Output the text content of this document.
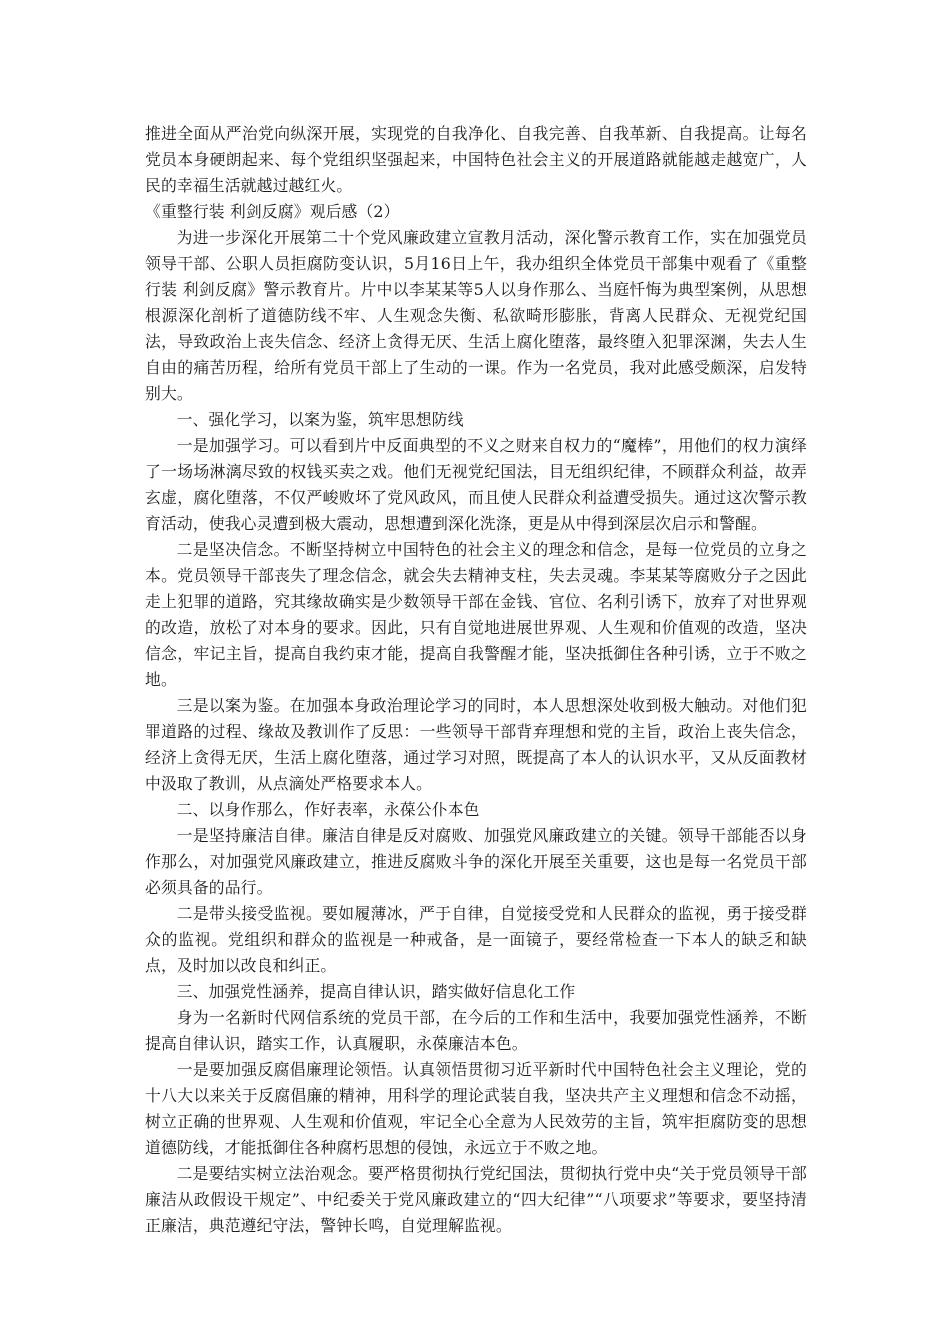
推进全面从严治党向纵深开展，实现党的自我净化、自我完善、自我革新、自我提高。让每名党员本身硬朗起来、每个党组织坚强起来，中国特色社会主义的开展道路就能越走越宽广，人民的幸福生活就越过越红火。

《重整行装 利剑反腐》观后感（2）

为进一步深化开展第二十个党风廉政建立宣教月活动，深化警示教育工作，实在加强党员领导干部、公职人员拒腐防变认识，5月16日上午，我办组织全体党员干部集中观看了《重整行装 利剑反腐》警示教育片。片中以李某某等5人以身作那么、当庭忏悔为典型案例，从思想根源深化剖析了道德防线不牢、人生观念失衡、私欲畸形膨胀，背离人民群众、无视党纪国法，导致政治上丧失信念、经济上贪得无厌、生活上腐化堕落，最终堕入犯罪深渊，失去人生自由的痛苦历程，给所有党员干部上了生动的一课。作为一名党员，我对此感受颇深，启发特别大。

一、强化学习，以案为鉴，筑牢思想防线

一是加强学习。可以看到片中反面典型的不义之财来自权力的“魔棒”，用他们的权力演绎了一场场淋漓尽致的权钱买卖之戏。他们无视党纪国法，目无组织纪律，不顾群众利益，故弄玄虚，腐化堕落，不仅严峻败坏了党风政风，而且使人民群众利益遭受损失。通过这次警示教育活动，使我心灵遭到极大震动，思想遭到深化洗涤，更是从中得到深层次启示和警醒。

二是坚决信念。不断坚持树立中国特色的社会主义的理念和信念，是每一位党员的立身之本。党员领导干部丧失了理念信念，就会失去精神支柱，失去灵魂。李某某等腐败分子之因此走上犯罪的道路，究其缘故确实是少数领导干部在金钱、官位、名利引诱下，放弃了对世界观的改造，放松了对本身的要求。因此，只有自觉地进展世界观、人生观和价值观的改造，坚决信念，牢记主旨，提高自我约束才能，提高自我警醒才能，坚决抵御住各种引诱，立于不败之地。

三是以案为鉴。在加强本身政治理论学习的同时，本人思想深处收到极大触动。对他们犯罪道路的过程、缘故及教训作了反思：一些领导干部背弃理想和党的主旨，政治上丧失信念，经济上贪得无厌，生活上腐化堕落，通过学习对照，既提高了本人的认识水平，又从反面教材中汲取了教训，从点滴处严格要求本人。

二、以身作那么，作好表率，永葆公仆本色

一是坚持廉洁自律。廉洁自律是反对腐败、加强党风廉政建立的关键。领导干部能否以身作那么，对加强党风廉政建立，推进反腐败斗争的深化开展至关重要，这也是每一名党员干部必须具备的品行。

二是带头接受监视。要如履薄冰，严于自律，自觉接受党和人民群众的监视，勇于接受群众的监视。党组织和群众的监视是一种戒备，是一面镜子，要经常检查一下本人的缺乏和缺点，及时加以改良和纠正。

三、加强党性涵养，提高自律认识，踏实做好信息化工作

身为一名新时代网信系统的党员干部，在今后的工作和生活中，我要加强党性涵养，不断提高自律认识，踏实工作，认真履职，永葆廉洁本色。

一是要加强反腐倡廉理论领悟。认真领悟贯彻习近平新时代中国特色社会主义理论，党的十八大以来关于反腐倡廉的精神，用科学的理论武装自我，坚决共产主义理想和信念不动摇，树立正确的世界观、人生观和价值观，牢记全心全意为人民效劳的主旨，筑牢拒腐防变的思想道德防线，才能抵御住各种腐朽思想的侵蚀，永远立于不败之地。

二是要结实树立法治观念。要严格贯彻执行党纪国法，贯彻执行党中央“关于党员领导干部廉洁从政假设干规定”、中纪委关于党风廉政建立的“四大纪律”“八项要求”等要求，要坚持清正廉洁，典范遵纪守法，警钟长鸣，自觉理解监视。
